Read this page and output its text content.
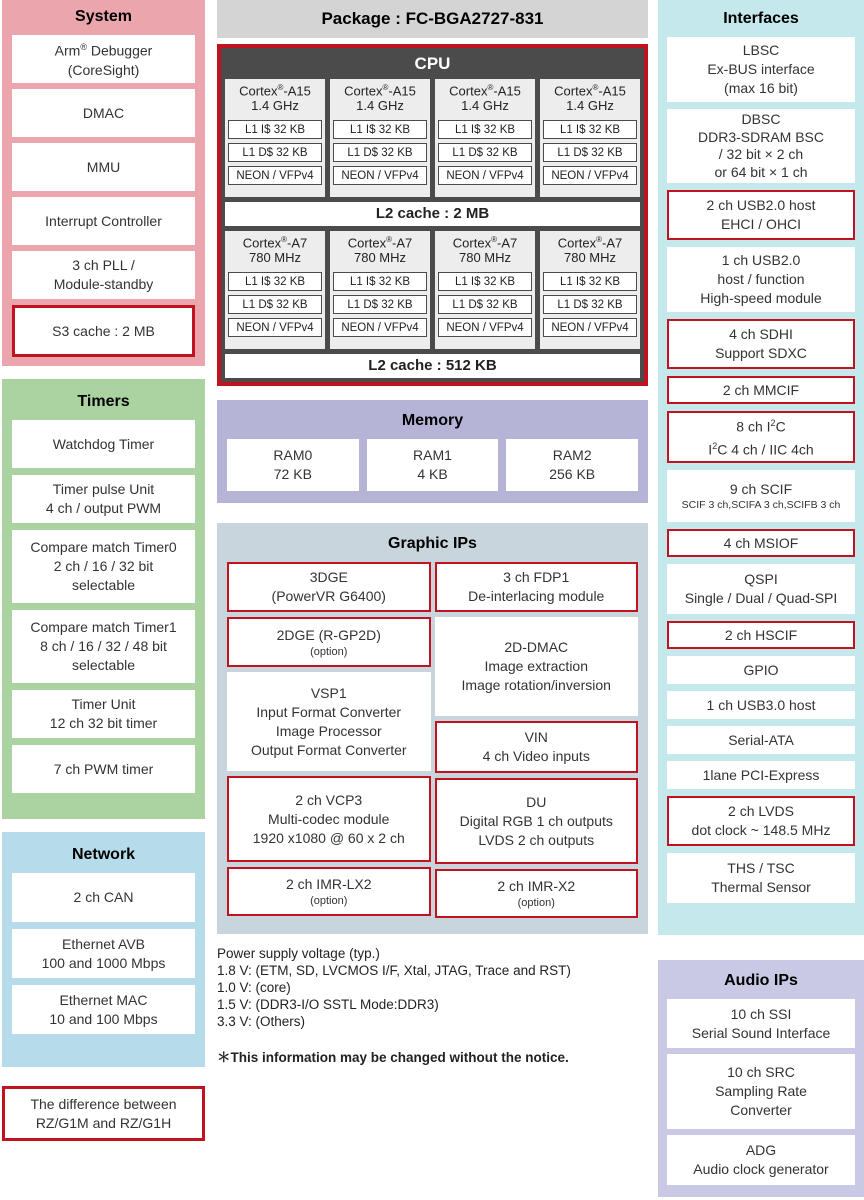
System
Arm® Debugger
(CoreSight)
DMAC
MMU
Interrupt Controller
3 ch PLL /
Module-standby
S3 cache : 2 MB
Timers
Watchdog Timer
Timer pulse Unit
4 ch / output PWM
Compare match Timer0
2 ch / 16 / 32 bit
selectable
Compare match Timer1
8 ch / 16 / 32 / 48 bit
selectable
Timer Unit
12 ch 32 bit timer
7 ch PWM timer
Network
2 ch CAN
Ethernet AVB
100 and 1000 Mbps
Ethernet MAC
10 and 100 Mbps
The difference between
RZ/G1M and RZ/G1H
Package : FC-BGA2727-831
CPU
Cortex®-A15
1.4 GHz
L1 I$ 32 KB
L1 D$ 32 KB
NEON / VFPv4
Cortex®-A15
1.4 GHz
L1 I$ 32 KB
L1 D$ 32 KB
NEON / VFPv4
Cortex®-A15
1.4 GHz
L1 I$ 32 KB
L1 D$ 32 KB
NEON / VFPv4
Cortex®-A15
1.4 GHz
L1 I$ 32 KB
L1 D$ 32 KB
NEON / VFPv4
L2 cache : 2 MB
Cortex®-A7
780 MHz
L1 I$ 32 KB
L1 D$ 32 KB
NEON / VFPv4
Cortex®-A7
780 MHz
L1 I$ 32 KB
L1 D$ 32 KB
NEON / VFPv4
Cortex®-A7
780 MHz
L1 I$ 32 KB
L1 D$ 32 KB
NEON / VFPv4
Cortex®-A7
780 MHz
L1 I$ 32 KB
L1 D$ 32 KB
NEON / VFPv4
L2 cache : 512 KB
Memory
RAM0
72 KB
RAM1
4 KB
RAM2
256 KB
Graphic IPs
3DGE
(PowerVR G6400)
2DGE (R-GP2D)
(option)
VSP1
Input Format Converter
Image Processor
Output Format Converter
2 ch VCP3
Multi-codec module
1920 x1080 @ 60 x 2 ch
2 ch IMR-LX2
(option)
3 ch FDP1
De-interlacing module
2D-DMAC
Image extraction
Image rotation/inversion
VIN
4 ch Video inputs
DU
Digital RGB 1 ch outputs
LVDS 2 ch outputs
2 ch IMR-X2
(option)
Power supply voltage (typ.)
1.8 V: (ETM, SD, LVCMOS I/F, Xtal, JTAG, Trace and RST)
1.0 V: (core)
1.5 V: (DDR3-I/O SSTL Mode:DDR3)
3.3 V: (Others)
＊This information may be changed without the notice.
Interfaces
LBSC
Ex-BUS interface
(max 16 bit)
DBSC
DDR3-SDRAM BSC
/ 32 bit × 2 ch
or 64 bit × 1 ch
2 ch USB2.0 host
EHCI / OHCI
1 ch USB2.0
host / function
High-speed module
4 ch SDHI
Support SDXC
2 ch MMCIF
8 ch $I^2C$
$I^2C$ 4 ch / IIC 4ch
9 ch SCIF
SCIF 3 ch,SCIFA 3 ch,SCIFB 3 ch
4 ch MSIOF
QSPI
Single / Dual / Quad-SPI
2 ch HSCIF
GPIO
1 ch USB3.0 host
Serial-ATA
1lane PCI-Express
2 ch LVDS
dot clock ~ 148.5 MHz
THS / TSC
Thermal Sensor
Audio IPs
10 ch SSI
Serial Sound Interface
10 ch SRC
Sampling Rate
Converter
ADG
Audio clock generator
